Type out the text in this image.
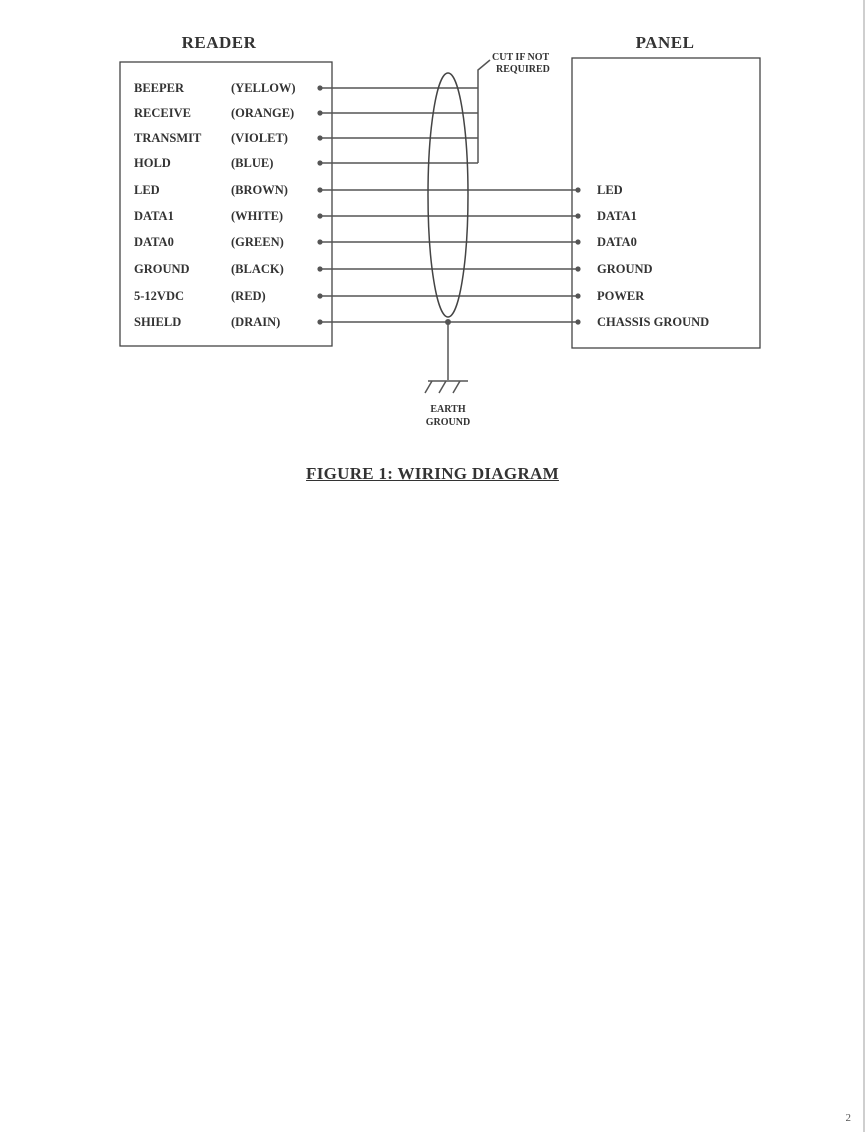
READER	PANEL
BEEPER	(YELLOW)
RECEIVE	(ORANGE)
TRANSMIT (VIOLET)
HOLD	(BLUE)
LED	(BROWN)
DATA1	(WHITE)
DATA0	(GREEN)
GROUND	(BLACK)
5-12VDC	(RED)
SHIELD	(DRAIN)
LED
DATA1
DATA0
GROUND
POWER
CHASSIS GROUND
CUT IF NOT
REQUIRED
EARTH
GROUND
FIGURE 1: WIRING DIAGRAM
2
